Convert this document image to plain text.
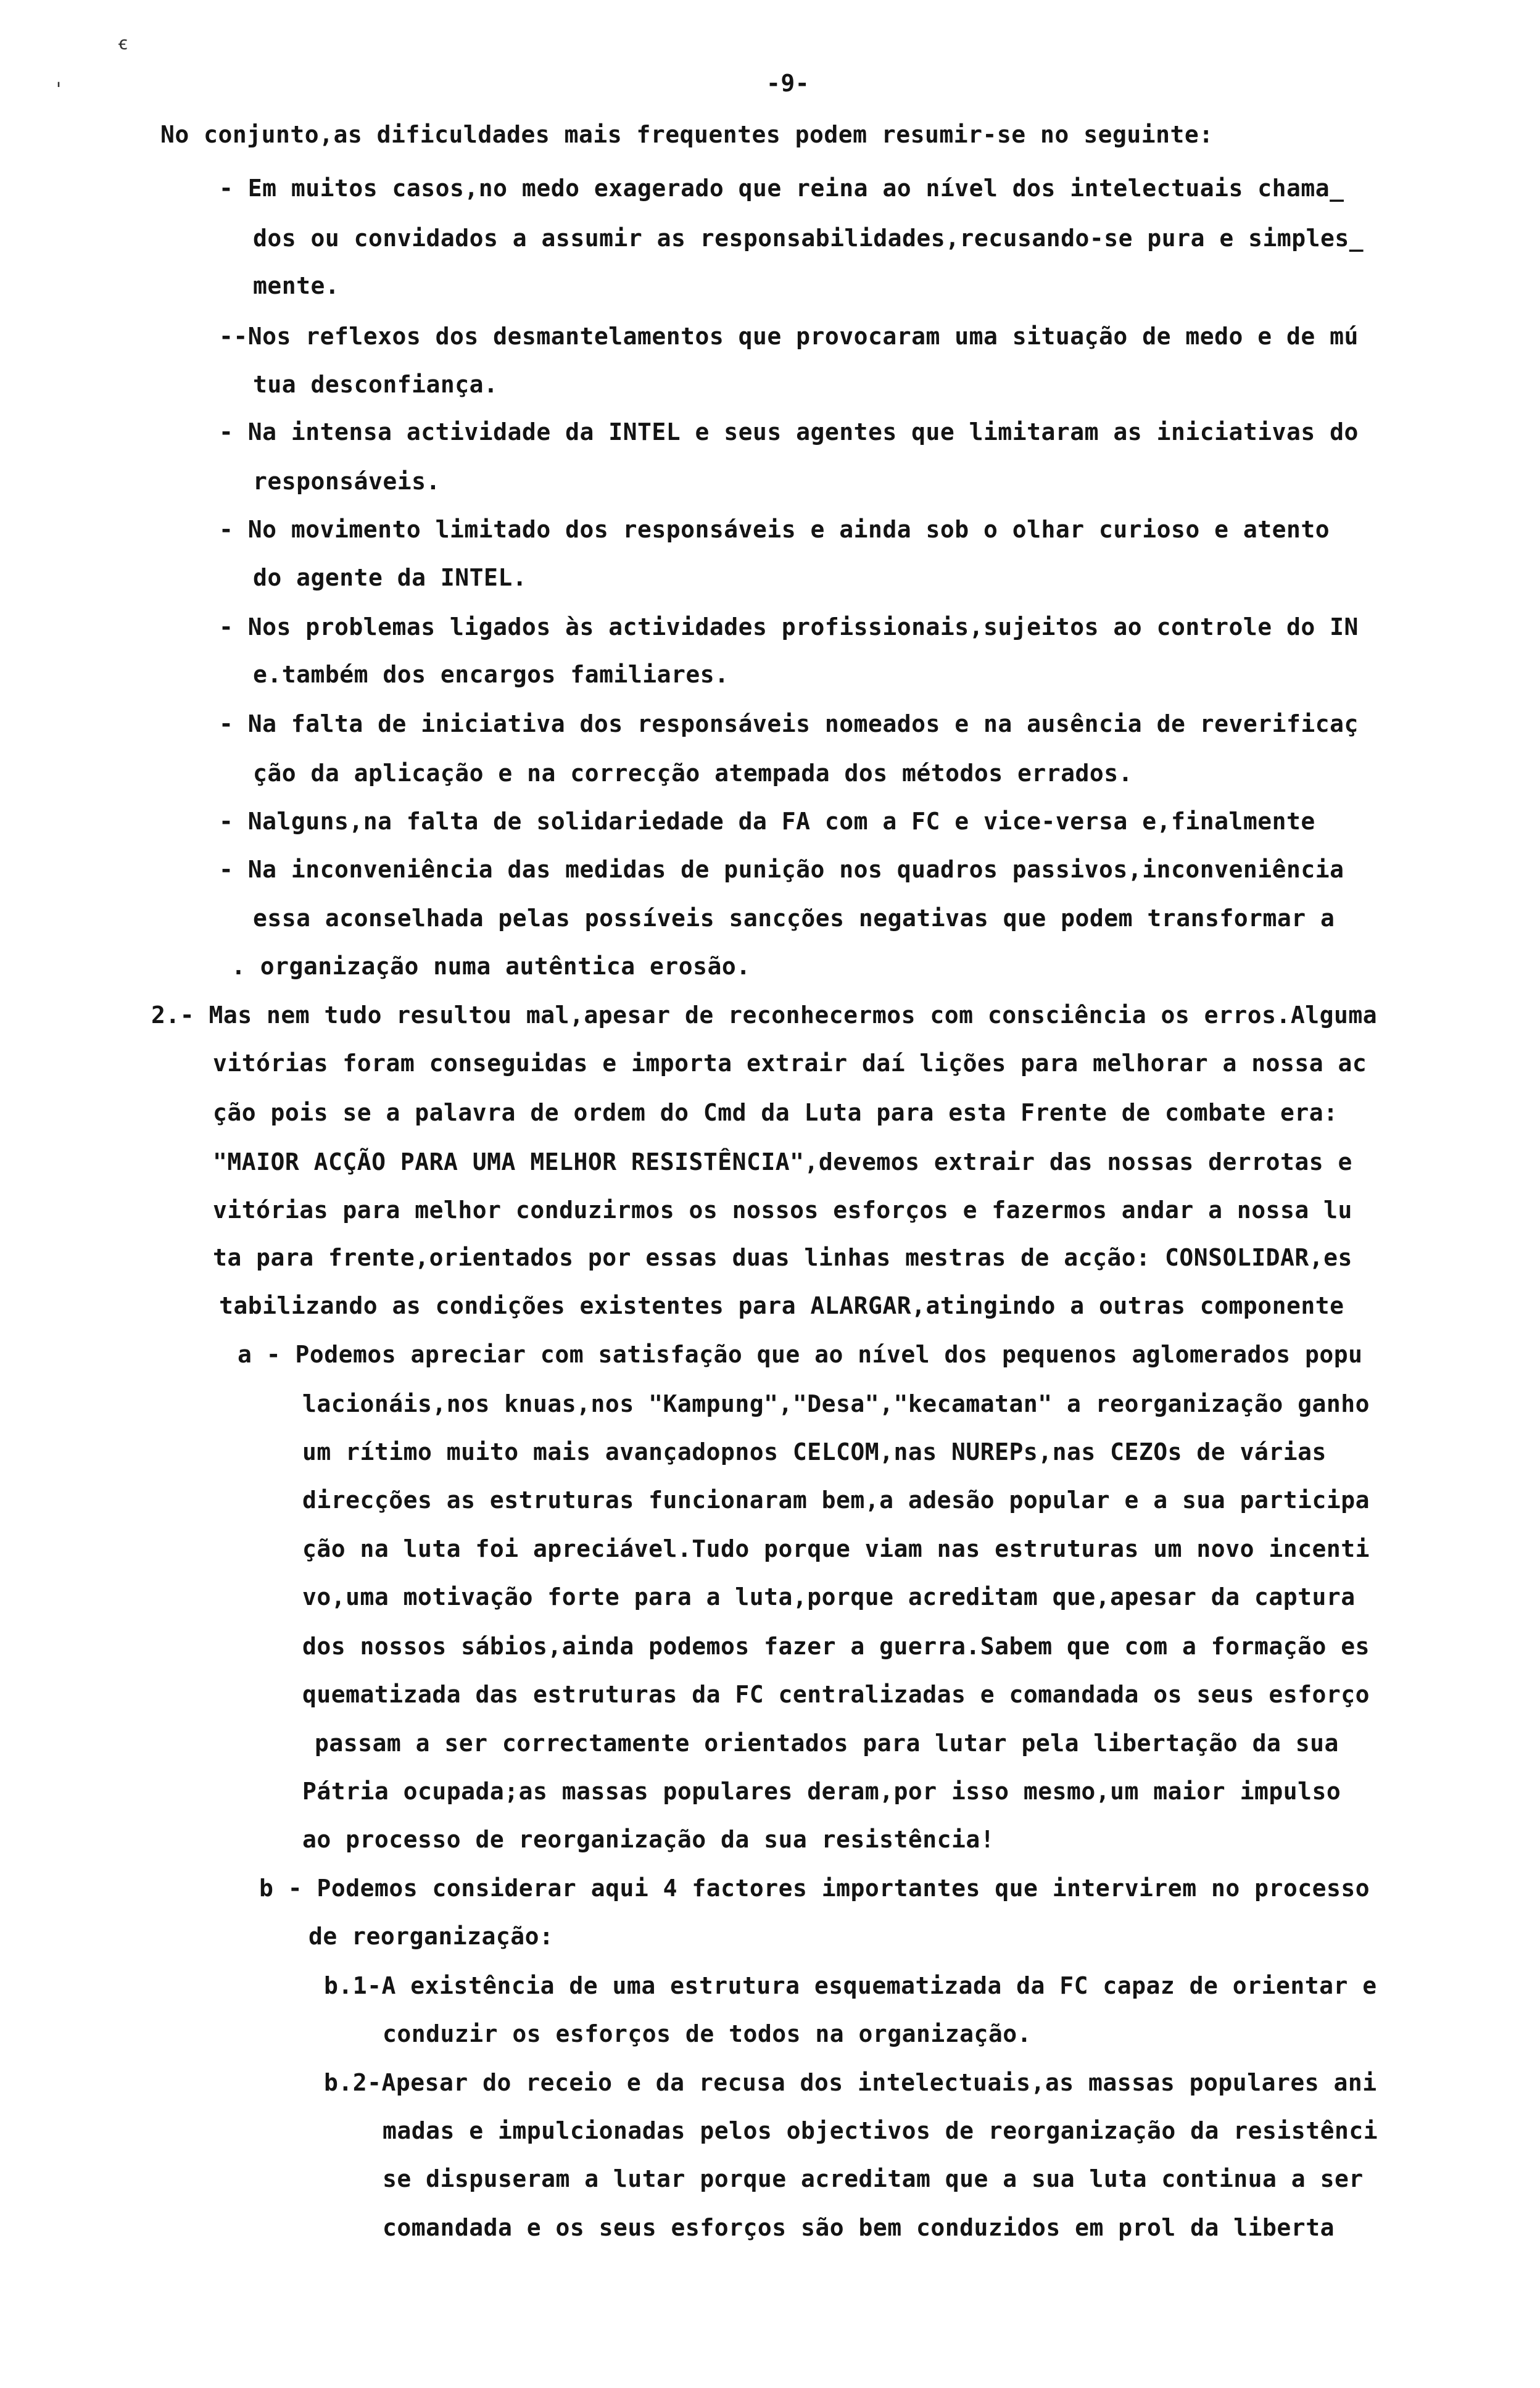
ꞓ
'	-9-
No conjunto,as dificuldades mais frequentes podem resumir-se no seguinte:
- Em muitos casos,no medo exagerado que reina ao nível dos intelectuais chama_
dos ou convidados a assumir as responsabilidades,recusando-se pura e simples_
mente.
--Nos reflexos dos desmantelamentos que provocaram uma situação de medo e de mú
tua desconfiança.
- Na intensa actividade da INTEL e seus agentes que limitaram as iniciativas do
responsáveis.
- No movimento limitado dos responsáveis e ainda sob o olhar curioso e atento
do agente da INTEL.
- Nos problemas ligados às actividades profissionais,sujeitos ao controle do IN
e.também dos encargos familiares.
- Na falta de iniciativa dos responsáveis nomeados e na ausência de reverificaç
ção da aplicação e na correcção atempada dos métodos errados.
- Nalguns,na falta de solidariedade da FA com a FC e vice-versa e,finalmente
- Na inconveniência das medidas de punição nos quadros passivos,inconveniência
essa aconselhada pelas possíveis sancções negativas que podem transformar a
. organização numa autêntica erosão.
2.- Mas nem tudo resultou mal,apesar de reconhecermos com consciência os erros.Alguma
vitórias foram conseguidas e importa extrair daí lições para melhorar a nossa ac
ção pois se a palavra de ordem do Cmd da Luta para esta Frente de combate era:
"MAIOR ACÇÃO PARA UMA MELHOR RESISTÊNCIA",devemos extrair das nossas derrotas e
vitórias para melhor conduzirmos os nossos esforços e fazermos andar a nossa lu
ta para frente,orientados por essas duas linhas mestras de acção: CONSOLIDAR,es
tabilizando as condições existentes para ALARGAR,atingindo a outras componente
a - Podemos apreciar com satisfação que ao nível dos pequenos aglomerados popu
lacionáis,nos knuas,nos "Kampung","Desa","kecamatan" a reorganização ganho
um rítimo muito mais avançadopnos CELCOM,nas NUREPs,nas CEZOs de várias
direcções as estruturas funcionaram bem,a adesão popular e a sua participa
ção na luta foi apreciável.Tudo porque viam nas estruturas um novo incenti
vo,uma motivação forte para a luta,porque acreditam que,apesar da captura
dos nossos sábios,ainda podemos fazer a guerra.Sabem que com a formação es
quematizada das estruturas da FC centralizadas e comandada os seus esforço
passam a ser correctamente orientados para lutar pela libertação da sua
Pátria ocupada;as massas populares deram,por isso mesmo,um maior impulso
ao processo de reorganização da sua resistência!
b - Podemos considerar aqui 4 factores importantes que intervirem no processo
de reorganização:
b.1-A existência de uma estrutura esquematizada da FC capaz de orientar e
conduzir os esforços de todos na organização.
b.2-Apesar do receio e da recusa dos intelectuais,as massas populares ani
madas e impulcionadas pelos objectivos de reorganização da resistênci
se dispuseram a lutar porque acreditam que a sua luta continua a ser
comandada e os seus esforços são bem conduzidos em prol da liberta
